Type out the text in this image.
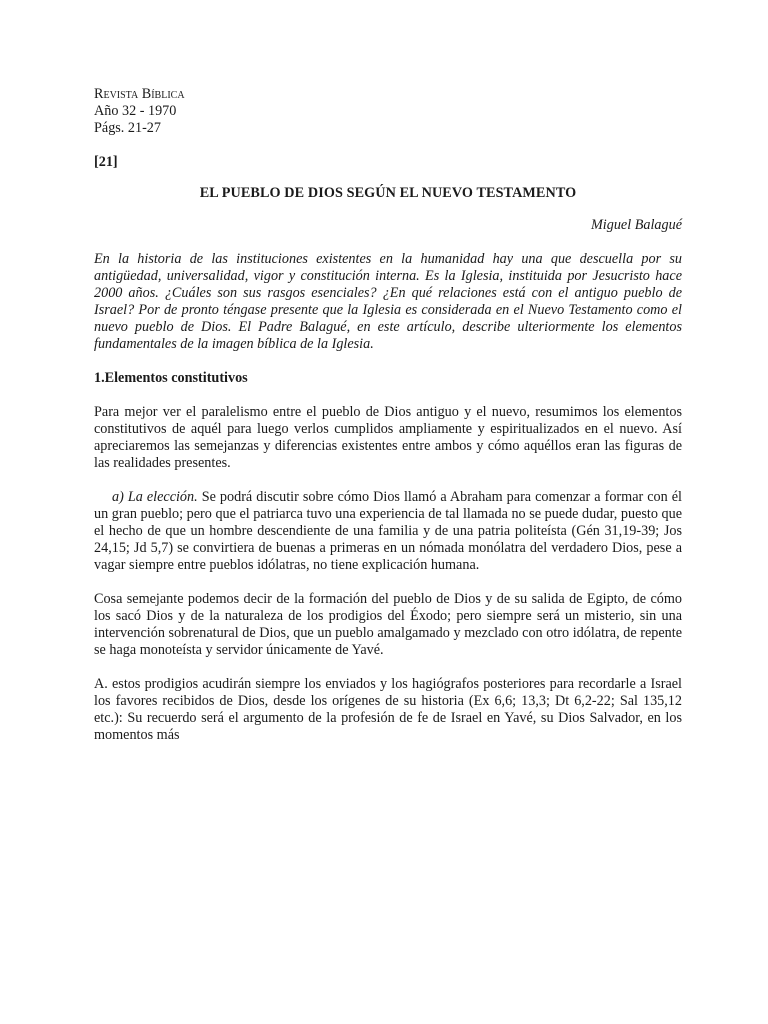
Revista Bíblica
Año 32 - 1970
Págs. 21-27
[21]
EL PUEBLO DE DIOS SEGÚN EL NUEVO TESTAMENTO
Miguel Balagué
En la historia de las instituciones existentes en la humanidad hay una que descuella por su antigüedad, universalidad, vigor y constitución interna. Es la Iglesia, instituida por Jesucristo hace 2000 años. ¿Cuáles son sus rasgos esenciales? ¿En qué relaciones está con el antiguo pueblo de Israel? Por de pronto téngase presente que la Iglesia es considerada en el Nuevo Testamento como el nuevo pueblo de Dios. El Padre Balagué, en este artículo, describe ulteriormente los elementos fundamentales de la imagen bíblica de la Iglesia.
1.Elementos constitutivos
Para mejor ver el paralelismo entre el pueblo de Dios antiguo y el nuevo, resumimos los elementos constitutivos de aquél para luego verlos cumplidos ampliamente y espiritualizados en el nuevo. Así apreciaremos las semejanzas y diferencias existentes entre ambos y cómo aquéllos eran las figuras de las realidades presentes.
a) La elección. Se podrá discutir sobre cómo Dios llamó a Abraham para comenzar a formar con él un gran pueblo; pero que el patriarca tuvo una experiencia de tal llamada no se puede dudar, puesto que el hecho de que un hombre descendiente de una familia y de una patria politeísta (Gén 31,19-39; Jos 24,15; Jd 5,7) se convirtiera de buenas a primeras en un nómada monólatra del verdadero Dios, pese a vagar siempre entre pueblos idólatras, no tiene explicación humana.
Cosa semejante podemos decir de la formación del pueblo de Dios y de su salida de Egipto, de cómo los sacó Dios y de la naturaleza de los prodigios del Éxodo; pero siempre será un misterio, sin una intervención sobrenatural de Dios, que un pueblo amalgamado y mezclado con otro idólatra, de repente se haga monoteísta y servidor únicamente de Yavé.
A. estos prodigios acudirán siempre los enviados y los hagiógrafos posteriores para recordarle a Israel los favores recibidos de Dios, desde los orígenes de su historia (Ex 6,6; 13,3; Dt 6,2-22; Sal 135,12 etc.): Su recuerdo será el argumento de la profesión de fe de Israel en Yavé, su Dios Salvador, en los momentos más
